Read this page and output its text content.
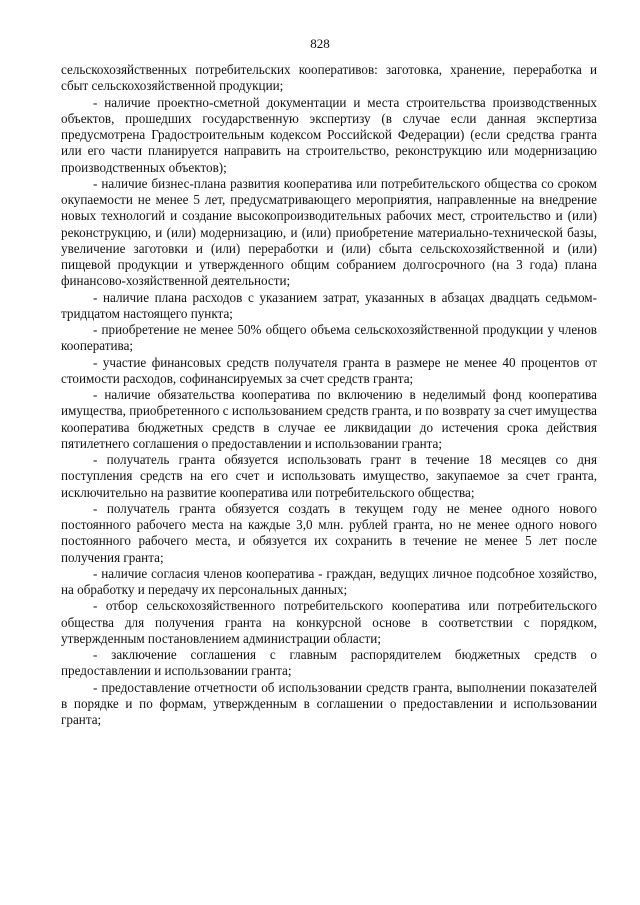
828

сельскохозяйственных потребительских кооперативов: заготовка, хранение, переработка и сбыт сельскохозяйственной продукции;

- наличие проектно-сметной документации и места строительства производственных объектов, прошедших государственную экспертизу (в случае если данная экспертиза предусмотрена Градостроительным кодексом Российской Федерации) (если средства гранта или его части планируется направить на строительство, реконструкцию или модернизацию производственных объектов);

- наличие бизнес-плана развития кооператива или потребительского общества со сроком окупаемости не менее 5 лет, предусматривающего мероприятия, направленные на внедрение новых технологий и создание высокопроизводительных рабочих мест, строительство и (или) реконструкцию, и (или) модернизацию, и (или) приобретение материально-технической базы, увеличение заготовки и (или) переработки и (или) сбыта сельскохозяйственной и (или) пищевой продукции и утвержденного общим собранием долгосрочного (на 3 года) плана финансово-хозяйственной деятельности;

- наличие плана расходов с указанием затрат, указанных в абзацах двадцать седьмом-тридцатом настоящего пункта;

- приобретение не менее 50% общего объема сельскохозяйственной продукции у членов кооператива;

- участие финансовых средств получателя гранта в размере не менее 40 процентов от стоимости расходов, софинансируемых за счет средств гранта;

- наличие обязательства кооператива по включению в неделимый фонд кооператива имущества, приобретенного с использованием средств гранта, и по возврату за счет имущества кооператива бюджетных средств в случае ее ликвидации до истечения срока действия пятилетнего соглашения о предоставлении и использовании гранта;

- получатель гранта обязуется использовать грант в течение 18 месяцев со дня поступления средств на его счет и использовать имущество, закупаемое за счет гранта, исключительно на развитие кооператива или потребительского общества;

- получатель гранта обязуется создать в текущем году не менее одного нового постоянного рабочего места на каждые 3,0 млн. рублей гранта, но не менее одного нового постоянного рабочего места, и обязуется их сохранить в течение не менее 5 лет после получения гранта;

- наличие согласия членов кооператива - граждан, ведущих личное подсобное хозяйство, на обработку и передачу их персональных данных;

- отбор сельскохозяйственного потребительского кооператива или потребительского общества для получения гранта на конкурсной основе в соответствии с порядком, утвержденным постановлением администрации области;

- заключение соглашения с главным распорядителем бюджетных средств о предоставлении и использовании гранта;

- предоставление отчетности об использовании средств гранта, выполнении показателей в порядке и по формам, утвержденным в соглашении о предоставлении и использовании гранта;
